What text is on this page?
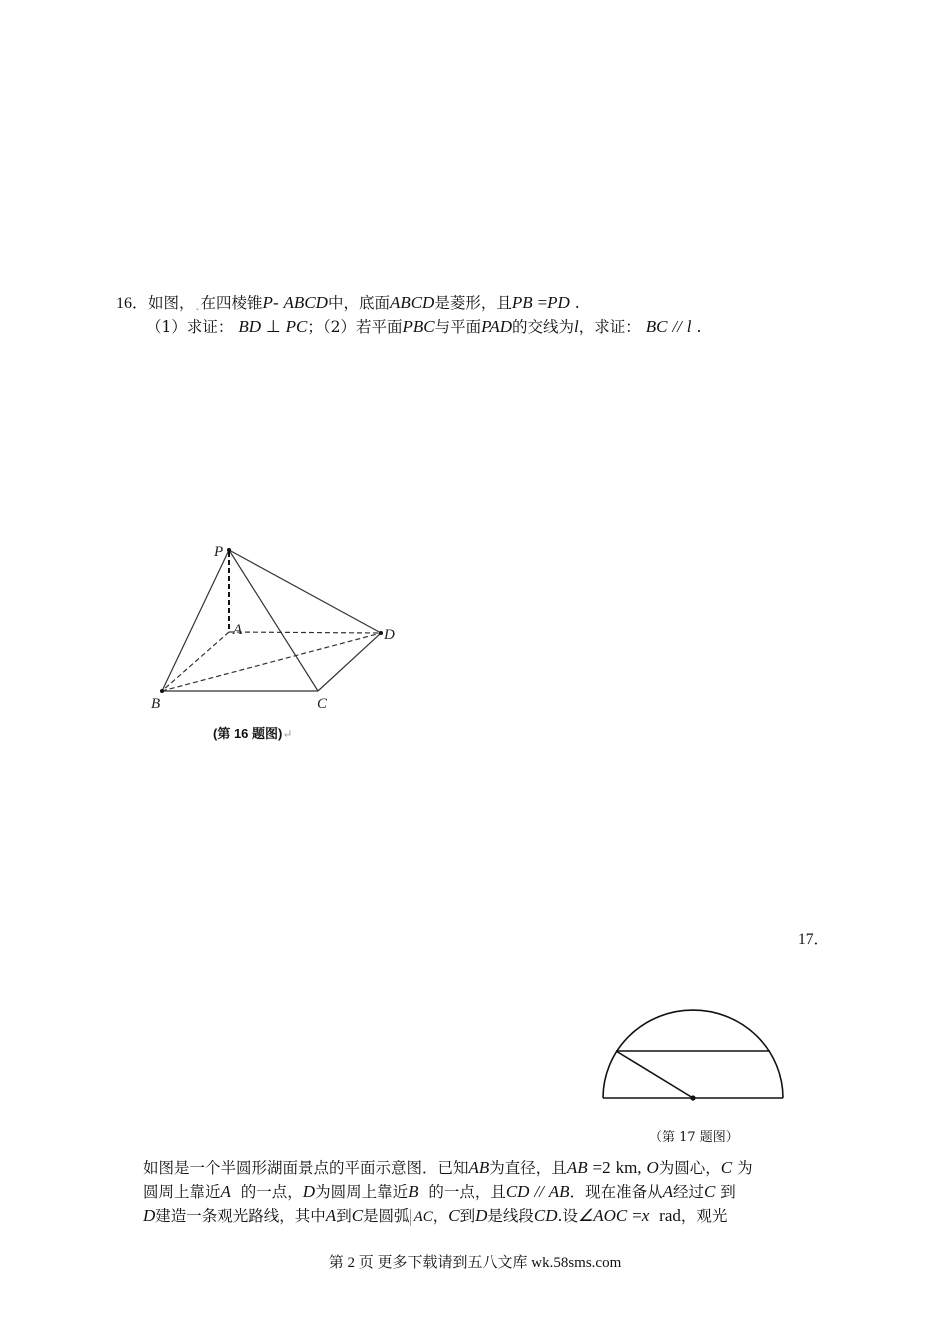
16．如图，˛在四棱锥P- ABCD中，底面ABCD是菱形，且PB =PD .
（1）求证： BD ⊥ PC；（2）若平面PBC与平面PAD的交线为l，求证： BC // l .
P
A	D
B	C
(第 16 题图)↵
17．
（第 17 题图）
如图是一个半圆形湖面景点的平面示意图．已知AB为直径，且AB =2 km, O为圆心，C 为
圆周上靠近A 的一点，D为圆周上靠近B 的一点，且CD // AB．现在准备从A经过C 到
D建造一条观光路线，其中A到C是圆弧 AC，C到D是线段CD.设∠AOC =x rad，观光
第 2 页 更多下载请到五八文库 wk.58sms.com
